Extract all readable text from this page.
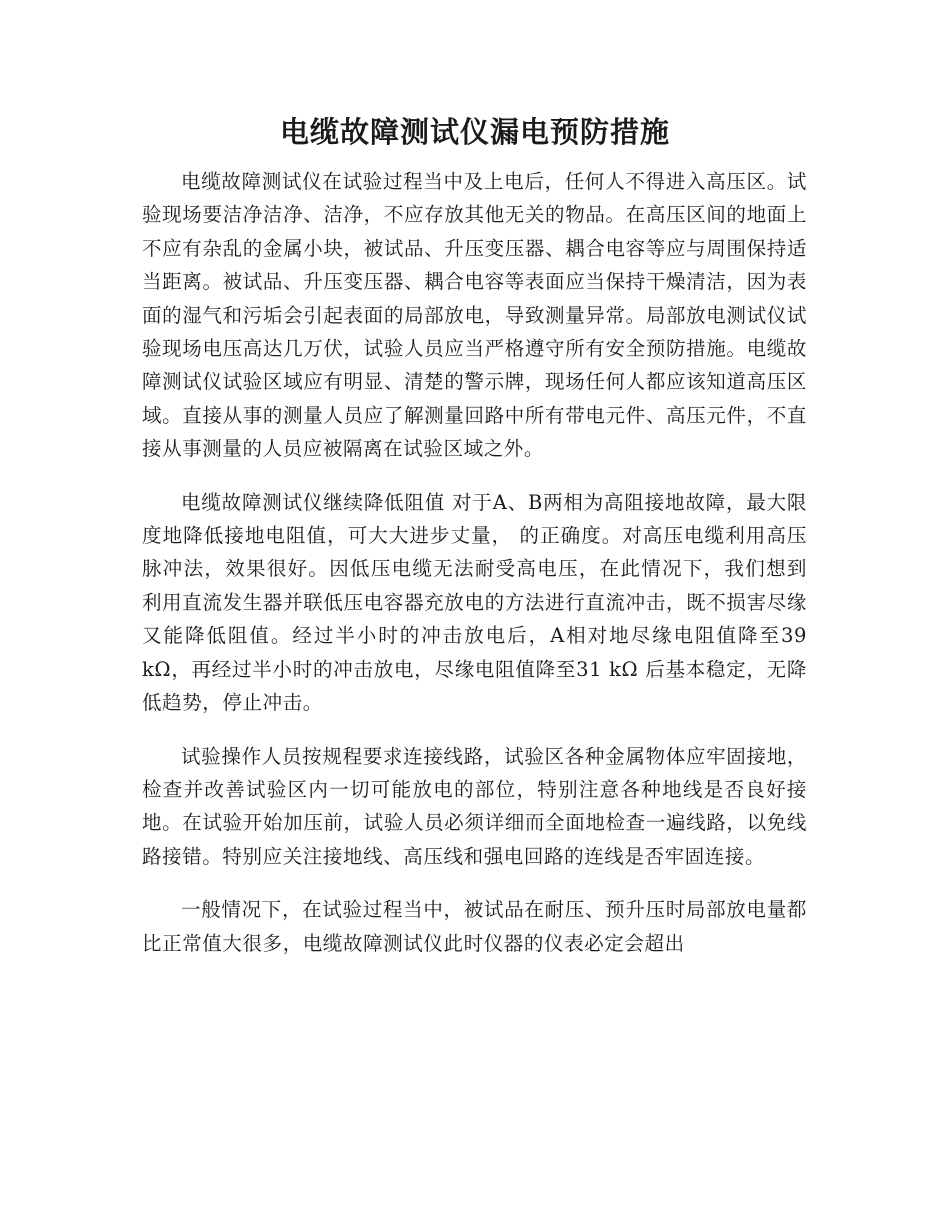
电缆故障测试仪漏电预防措施

电缆故障测试仪在试验过程当中及上电后，任何人不得进入高压区。试验现场要洁净洁净、洁净，不应存放其他无关的物品。在高压区间的地面上不应有杂乱的金属小块，被试品、升压变压器、耦合电容等应与周围保持适当距离。被试品、升压变压器、耦合电容等表面应当保持干燥清洁，因为表面的湿气和污垢会引起表面的局部放电，导致测量异常。局部放电测试仪试验现场电压高达几万伏，试验人员应当严格遵守所有安全预防措施。电缆故障测试仪试验区域应有明显、清楚的警示牌，现场任何人都应该知道高压区域。直接从事的测量人员应了解测量回路中所有带电元件、高压元件，不直接从事测量的人员应被隔离在试验区域之外。

电缆故障测试仪继续降低阻值 对于A、B两相为高阻接地故障，最大限度地降低接地电阻值，可大大进步丈量， 的正确度。对高压电缆利用高压脉冲法，效果很好。因低压电缆无法耐受高电压，在此情况下，我们想到 利用直流发生器并联低压电容器充放电的方法进行直流冲击，既不损害尽缘 又能降低阻值。经过半小时的冲击放电后，A相对地尽缘电阻值降至39 kΩ，再经过半小时的冲击放电，尽缘电阻值降至31 kΩ 后基本稳定，无降低趋势，停止冲击。

试验操作人员按规程要求连接线路，试验区各种金属物体应牢固接地，检查并改善试验区内一切可能放电的部位，特别注意各种地线是否良好接地。在试验开始加压前，试验人员必须详细而全面地检查一遍线路，以免线路接错。特别应关注接地线、高压线和强电回路的连线是否牢固连接。

一般情况下，在试验过程当中，被试品在耐压、预升压时局部放电量都比正常值大很多，电缆故障测试仪此时仪器的仪表必定会超出
